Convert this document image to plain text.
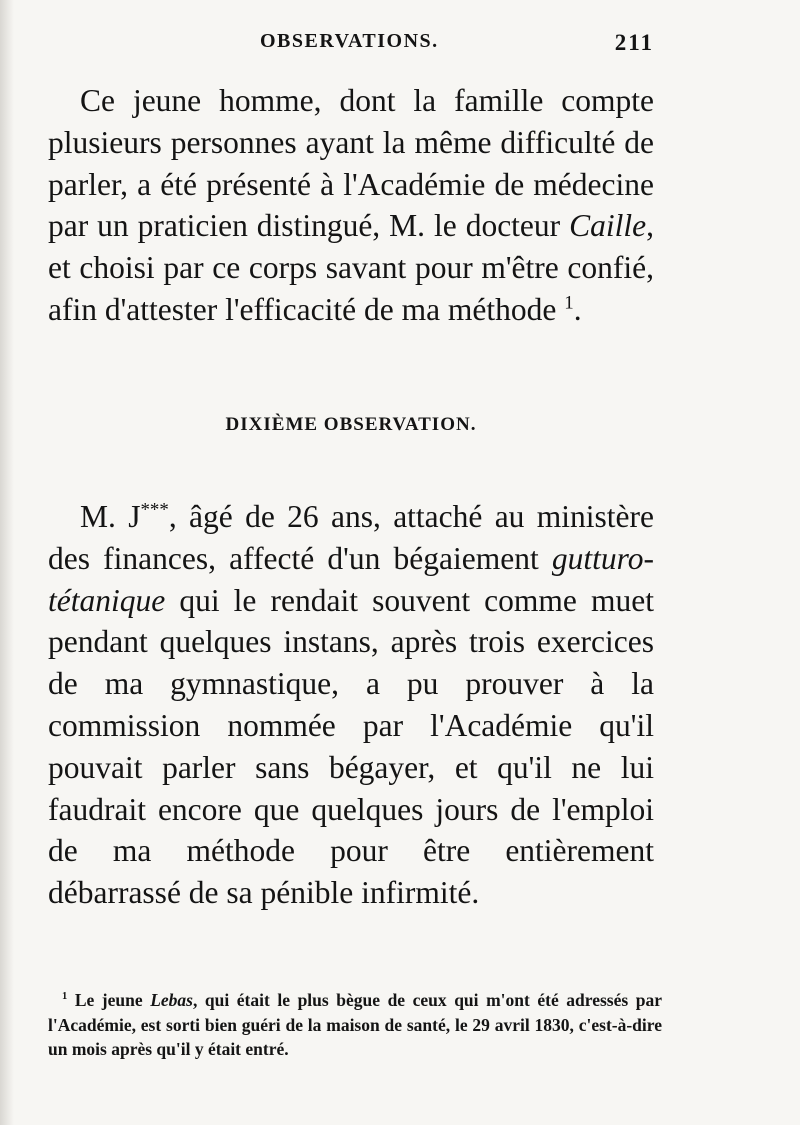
OBSERVATIONS.	211

Ce jeune homme, dont la famille compte plusieurs personnes ayant la même difficulté de parler, a été présenté à l'Académie de médecine par un praticien distingué, M. le docteur Caille, et choisi par ce corps savant pour m'être confié, afin d'attester l'efficacité de ma méthode $^1$.

DIXIÈME OBSERVATION.

M. J***, âgé de 26 ans, attaché au ministère des finances, affecté d'un bégaiement gutturo-tétanique qui le rendait souvent comme muet pendant quelques instans, après trois exercices de ma gymnastique, a pu prouver à la commission nommée par l'Académie qu'il pouvait parler sans bégayer, et qu'il ne lui faudrait encore que quelques jours de l'emploi de ma méthode pour être entièrement débarrassé de sa pénible infirmité.

$^1$ Le jeune Lebas, qui était le plus bègue de ceux qui m'ont été adressés par l'Académie, est sorti bien guéri de la maison de santé, le 29 avril 1830, c'est-à-dire un mois après qu'il y était entré.
